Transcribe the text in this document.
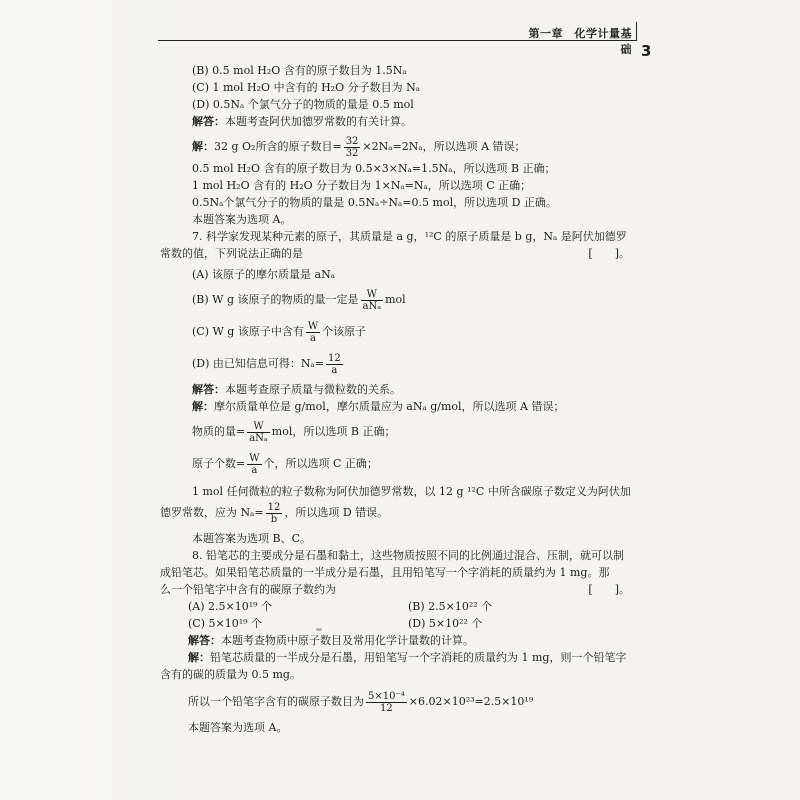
第一章　化学计量基础 3
(B) 0.5 mol H₂O 含有的原子数目为 1.5Nₐ
(C) 1 mol H₂O 中含有的 H₂O 分子数目为 Nₐ
(D) 0.5Nₐ 个氯气分子的物质的量是 0.5 mol
解答：本题考查阿伏加德罗常数的有关计算。
解：32 g O₂所含的原子数目= $\frac{32}{32} \times 2N_a=2N_a$，所以选项 A 错误；
0.5 mol H₂O 含有的原子数目为 0.5×3×Nₐ=1.5Nₐ，所以选项 B 正确；
1 mol H₂O 含有的 H₂O 分子数目为 1×Nₐ=Nₐ，所以选项 C 正确；
0.5Nₐ个氯气分子的物质的量是 0.5Nₐ÷Nₐ=0.5 mol，所以选项 D 正确。
本题答案为选项 A。
7. 科学家发现某种元素的原子，其质量是 a g，¹²C 的原子质量是 b g，Nₐ 是阿伏加德罗
常数的值，下列说法正确的是	[　　]。
(A) 该原子的摩尔质量是 aNₐ
(B) W g 该原子的物质的量一定是 $\frac{W}{\text{aNₐ}}$ mol
(C) W g 该原子中含有 $\frac{W}{a}$ 个该原子
(D) 由已知信息可得：$N_a= \frac{12}{a}$
解答：本题考查原子质量与微粒数的关系。
解：摩尔质量单位是 g/mol，摩尔质量应为 aNₐ g/mol，所以选项 A 错误；
物质的量= $\frac{W}{\text{aNₐ}}$ mol，所以选项 B 正确；
原子个数= $\frac{W}{a}$ 个，所以选项 C 正确；
1 mol 任何微粒的粒子数称为阿伏加德罗常数，以 12 g ¹²C 中所含碳原子数定义为阿伏加
德罗常数，应为 $N_a= \frac{12}{b}$ ，所以选项 D 错误。
本题答案为选项 B、C。
8. 铅笔芯的主要成分是石墨和黏土，这些物质按照不同的比例通过混合、压制，就可以制
成铅笔芯。如果铅笔芯质量的一半成分是石墨，且用铅笔写一个字消耗的质量约为 1 mg。那
么一个铅笔字中含有的碳原子数约为	[　　]。
(A) 2.5×10¹⁹ 个	(B) 2.5×10²² 个
(C) 5×10¹⁹ 个	(D) 5×10²² 个
解答：本题考查物质中原子数目及常用化学计量数的计算。
解：铅笔芯质量的一半成分是石墨，用铅笔写一个字消耗的质量约为 1 mg，则一个铅笔字
含有的碳的质量为 0.5 mg。
所以一个铅笔字含有的碳原子数目为 $\frac{\text{5×10⁻⁴}}{12} \times 6.02\times 10^{23}=2.5\times 10^{19}$
本题答案为选项 A。
